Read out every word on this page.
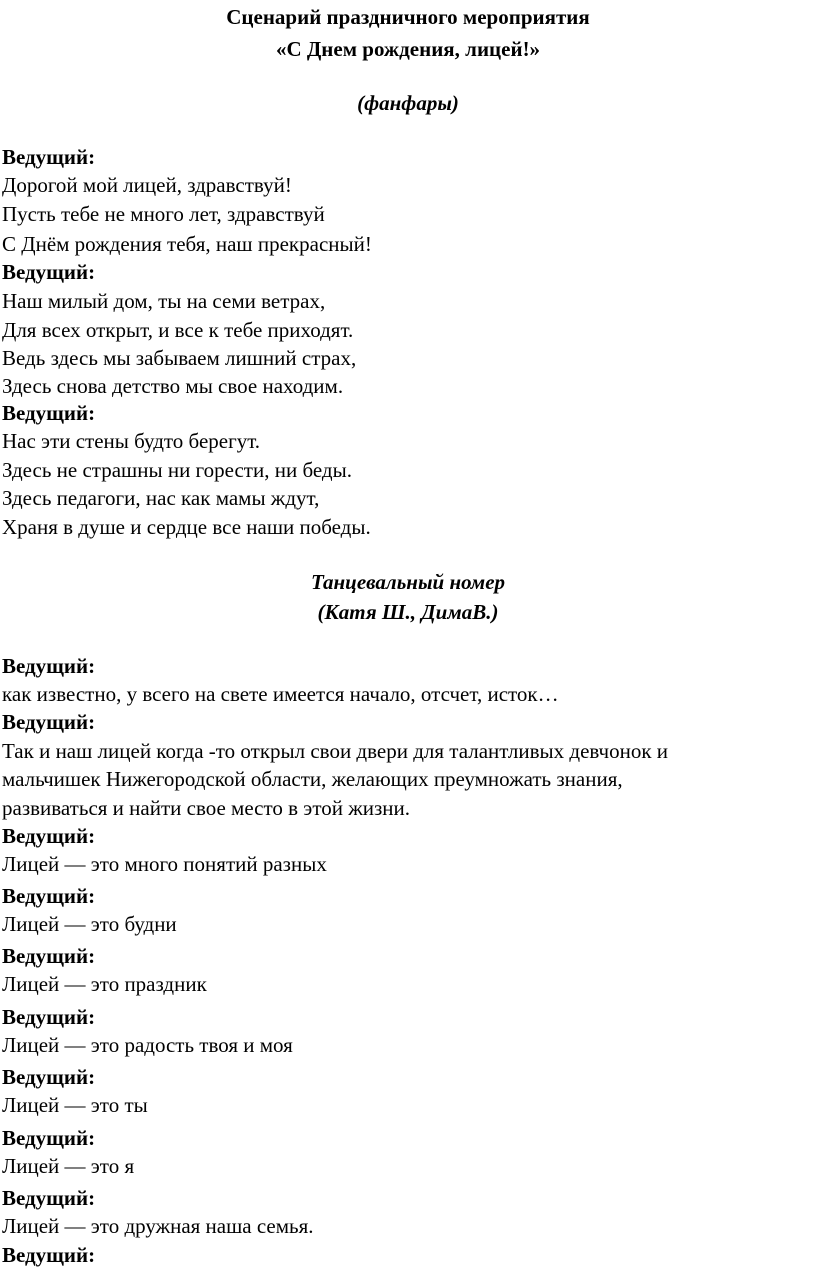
Сценарий праздничного мероприятия
«С Днем рождения, лицей!»
(фанфары)
Ведущий:
Дорогой мой лицей, здравствуй!
Пусть тебе не много лет, здравствуй
С Днём рождения тебя, наш прекрасный!
Ведущий:
Наш милый дом, ты на семи ветрах,
Для всех открыт, и все к тебе приходят.
Ведь здесь мы забываем лишний страх,
Здесь снова детство мы свое находим.
Ведущий:
Нас эти стены будто берегут.
Здесь не страшны ни горести, ни беды.
Здесь педагоги, нас как мамы ждут,
Храня в душе и сердце все наши победы.
Танцевальный номер
(Катя Ш., ДимаВ.)
Ведущий:
как известно, у всего на свете имеется начало, отсчет, исток…
Ведущий:
Так и наш лицей когда -то открыл свои двери для талантливых девчонок и
мальчишек Нижегородской области, желающих преумножать знания,
развиваться и найти свое место в этой жизни.
Ведущий:
Лицей — это много понятий разных
Ведущий:
Лицей — это будни
Ведущий:
Лицей — это праздник
Ведущий:
Лицей — это радость твоя и моя
Ведущий:
Лицей — это ты
Ведущий:
Лицей — это я
Ведущий:
Лицей — это дружная наша семья.
Ведущий:
